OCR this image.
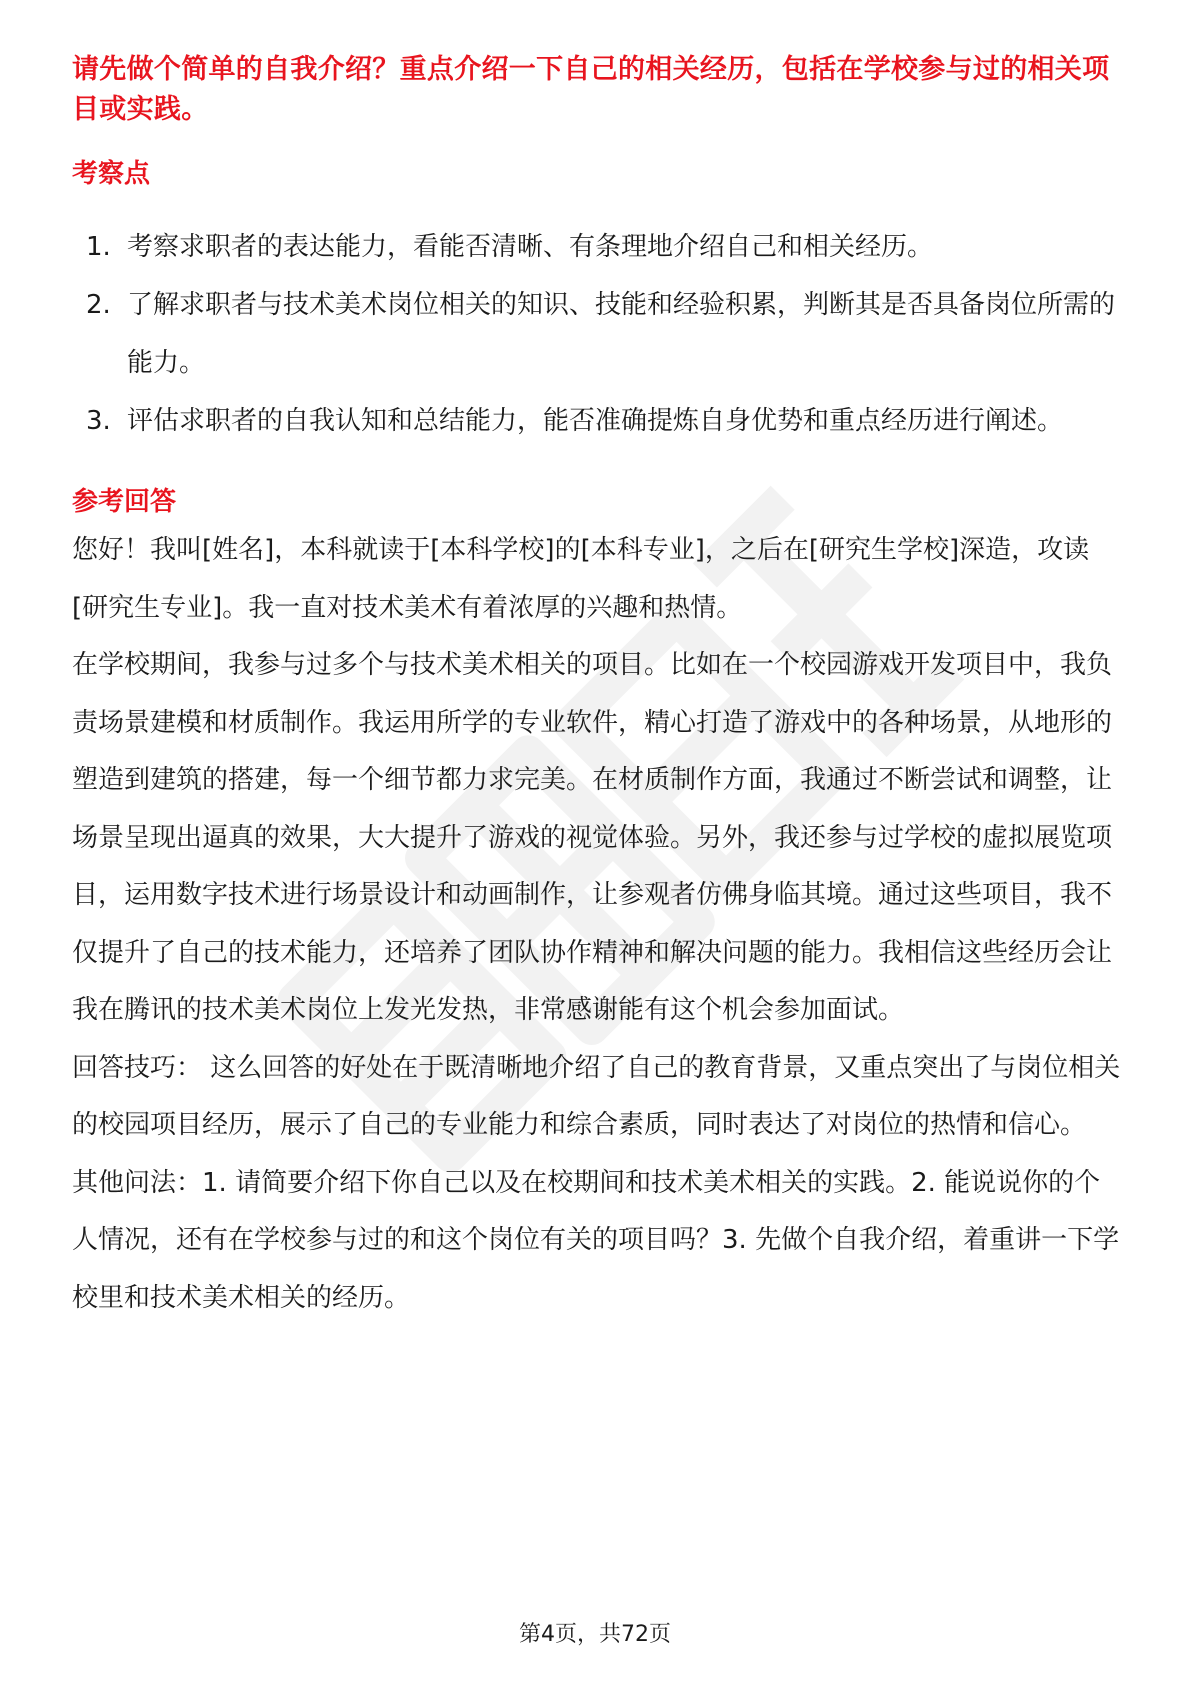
请先做个简单的自我介绍？重点介绍一下自己的相关经历，包括在学校参与过的相关项目或实践。

考察点
1. 考察求职者的表达能力，看能否清晰、有条理地介绍自己和相关经历。
2. 了解求职者与技术美术岗位相关的知识、技能和经验积累，判断其是否具备岗位所需的能力。
3. 评估求职者的自我认知和总结能力，能否准确提炼自身优势和重点经历进行阐述。
参考回答

您好！我叫[姓名]，本科就读于[本科学校]的[本科专业]，之后在[研究生学校]深造，攻读[研究生专业]。我一直对技术美术有着浓厚的兴趣和热情。

在学校期间，我参与过多个与技术美术相关的项目。比如在一个校园游戏开发项目中，我负责场景建模和材质制作。我运用所学的专业软件，精心打造了游戏中的各种场景，从地形的塑造到建筑的搭建，每一个细节都力求完美。在材质制作方面，我通过不断尝试和调整，让场景呈现出逼真的效果，大大提升了游戏的视觉体验。另外，我还参与过学校的虚拟展览项目，运用数字技术进行场景设计和动画制作，让参观者仿佛身临其境。通过这些项目，我不仅提升了自己的技术能力，还培养了团队协作精神和解决问题的能力。我相信这些经历会让我在腾讯的技术美术岗位上发光发热，非常感谢能有这个机会参加面试。

回答技巧： 这么回答的好处在于既清晰地介绍了自己的教育背景，又重点突出了与岗位相关的校园项目经历，展示了自己的专业能力和综合素质，同时表达了对岗位的热情和信心。

其他问法：1. 请简要介绍下你自己以及在校期间和技术美术相关的实践。2. 能说说你的个人情况，还有在学校参与过的和这个岗位有关的项目吗？3. 先做个自我介绍，着重讲一下学校里和技术美术相关的经历。

第4页，共72页
